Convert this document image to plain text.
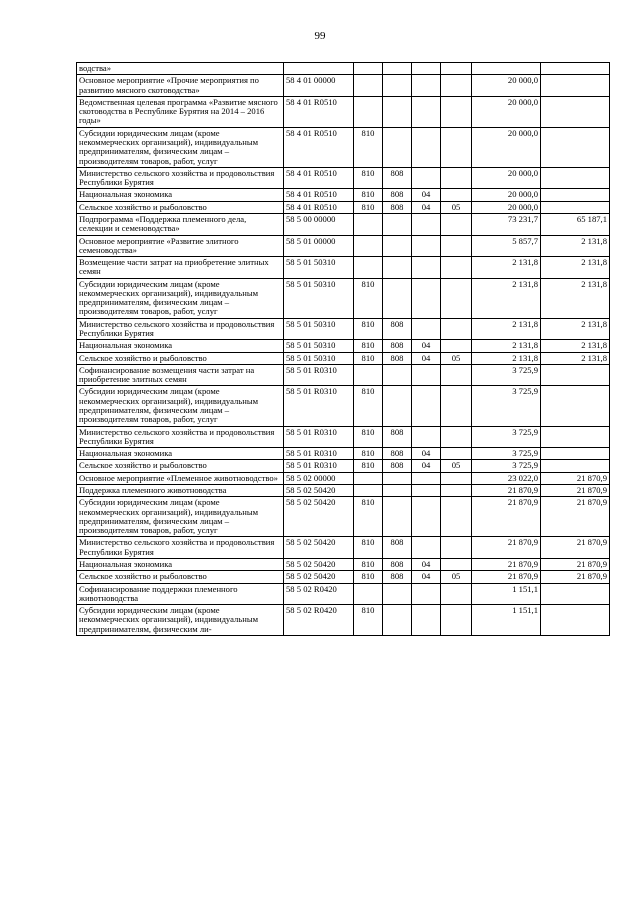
99
водства»							
Основное мероприятие «Прочие мероприятия по развитию мясного скотоводства»	58 4 01 00000					20 000,0	
Ведомственная целевая программа «Развитие мясного скотоводства в Республике Бурятия на 2014 – 2016 годы»	58 4 01 R0510					20 000,0	
Субсидии юридическим лицам (кроме некоммерческих организаций), индивидуальным предпринимателям, физическим лицам – производителям товаров, работ, услуг	58 4 01 R0510	810				20 000,0	
Министерство сельского хозяйства и продовольствия Республики Бурятия	58 4 01 R0510	810	808			20 000,0	
Национальная экономика	58 4 01 R0510	810	808	04		20 000,0	
Сельское хозяйство и рыболовство	58 4 01 R0510	810	808	04	05	20 000,0	
Подпрограмма «Поддержка племенного дела, селекции и семеноводства»	58 5 00 00000					73 231,7	65 187,1
Основное мероприятие «Развитие элитного семеноводства»	58 5 01 00000					5 857,7	2 131,8
Возмещение части затрат на приобретение элитных семян	58 5 01 50310					2 131,8	2 131,8
Субсидии юридическим лицам (кроме некоммерческих организаций), индивидуальным предпринимателям, физическим лицам – производителям товаров, работ, услуг	58 5 01 50310	810				2 131,8	2 131,8
Министерство сельского хозяйства и продовольствия Республики Бурятия	58 5 01 50310	810	808			2 131,8	2 131,8
Национальная экономика	58 5 01 50310	810	808	04		2 131,8	2 131,8
Сельское хозяйство и рыболовство	58 5 01 50310	810	808	04	05	2 131,8	2 131,8
Софинансирование возмещения части затрат на приобретение элитных семян	58 5 01 R0310					3 725,9	
Субсидии юридическим лицам (кроме некоммерческих организаций), индивидуальным предпринимателям, физическим лицам – производителям товаров, работ, услуг	58 5 01 R0310	810				3 725,9	
Министерство сельского хозяйства и продовольствия Республики Бурятия	58 5 01 R0310	810	808			3 725,9	
Национальная экономика	58 5 01 R0310	810	808	04		3 725,9	
Сельское хозяйство и рыболовство	58 5 01 R0310	810	808	04	05	3 725,9	
Основное мероприятие «Племенное животноводство»	58 5 02 00000					23 022,0	21 870,9
Поддержка племенного животноводства	58 5 02 50420					21 870,9	21 870,9
Субсидии юридическим лицам (кроме некоммерческих организаций), индивидуальным предпринимателям, физическим лицам – производителям товаров, работ, услуг	58 5 02 50420	810				21 870,9	21 870,9
Министерство сельского хозяйства и продовольствия Республики Бурятия	58 5 02 50420	810	808			21 870,9	21 870,9
Национальная экономика	58 5 02 50420	810	808	04		21 870,9	21 870,9
Сельское хозяйство и рыболовство	58 5 02 50420	810	808	04	05	21 870,9	21 870,9
Софинансирование поддержки племенного животноводства	58 5 02 R0420					1 151,1	
Субсидии юридическим лицам (кроме некоммерческих организаций), индивидуальным предпринимателям, физическим ли-	58 5 02 R0420	810				1 151,1	
